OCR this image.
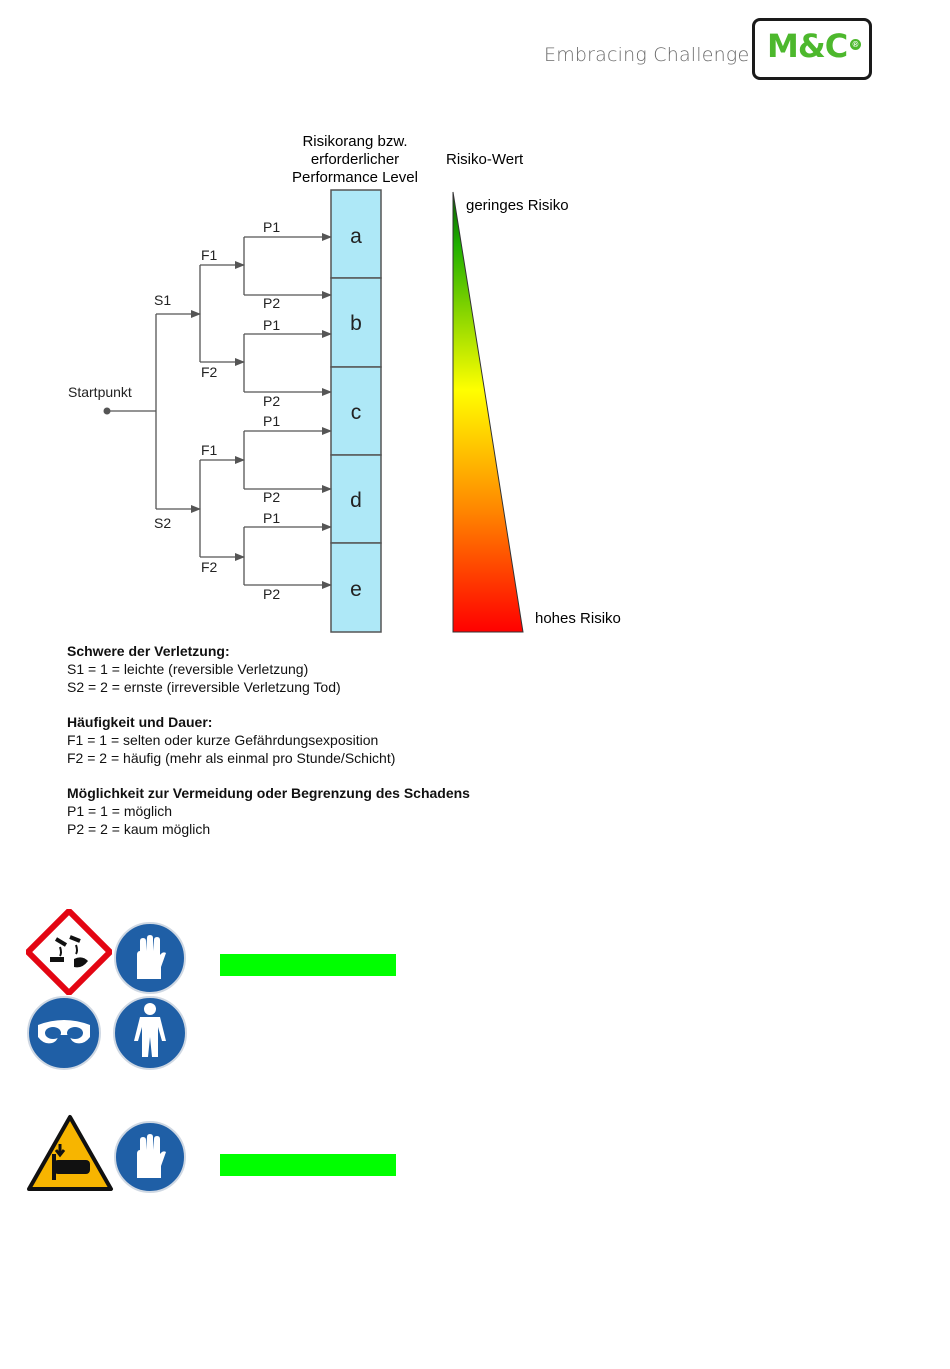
Embracing Challenge M&C ®
Risikorang bzw.
erforderlicher
Performance Level
Risiko-Wert
a
b
c
d
e
geringes Risiko
hohes Risiko
Startpunkt
S1
S2
F1
F2
F1
F2
P1
P2
P1
P2
P1
P2
P1
P2
Schwere der Verletzung:
S1 = 1 = leichte (reversible Verletzung)
S2 = 2 = ernste (irreversible Verletzung Tod)
Häufigkeit und Dauer:
F1 = 1 = selten oder kurze Gefährdungsexposition
F2 = 2 = häufig (mehr als einmal pro Stunde/Schicht)
Möglichkeit zur Vermeidung oder Begrenzung des Schadens
P1 = 1 = möglich
P2 = 2 = kaum möglich
